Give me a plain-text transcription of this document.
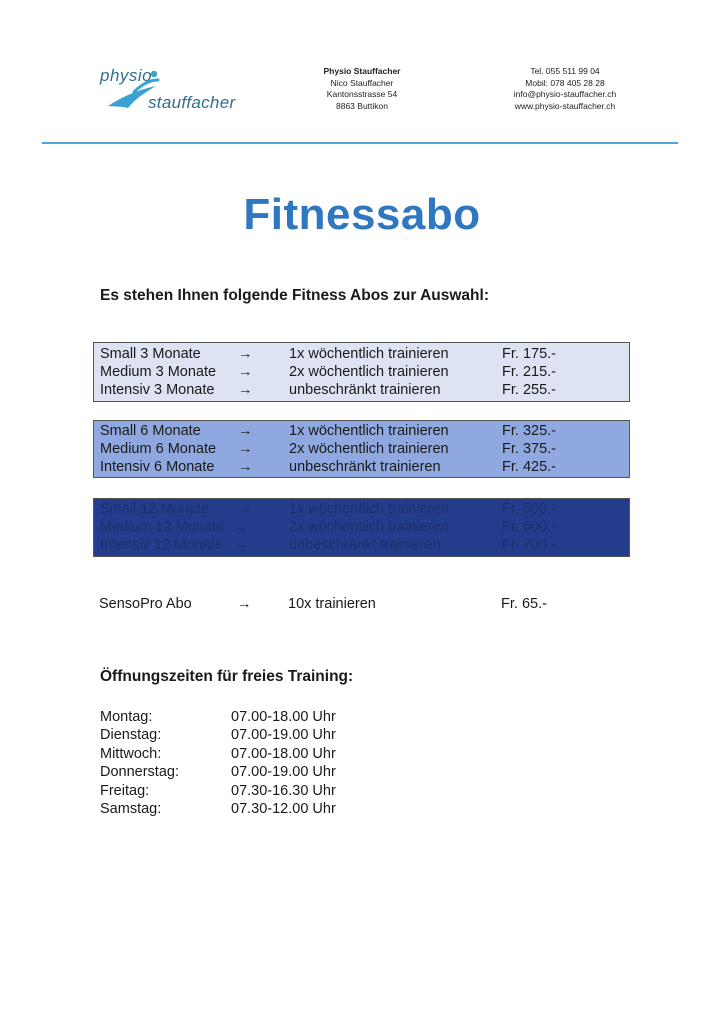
physio
stauffacher
Physio Stauffacher
Nico Stauffacher
Kantonsstrasse 54
8863 Buttikon
Tel. 055 511 99 04
Mobil: 078 405 28 28
info@physio-stauffacher.ch
www.physio-stauffacher.ch
Fitnessabo
Es stehen Ihnen folgende Fitness Abos zur Auswahl:
Small 3 Monate	→	1x wöchentlich trainieren	Fr. 175.-
Medium 3 Monate →	2x wöchentlich trainieren	Fr. 215.-
Intensiv 3 Monate →	unbeschränkt trainieren	Fr. 255.-
Small 6 Monate	→	1x wöchentlich trainieren	Fr. 325.-
Medium 6 Monate →	2x wöchentlich trainieren	Fr. 375.-
Intensiv 6 Monate →	unbeschränkt trainieren	Fr. 425.-
Small 12 Monate →	1x wöchentlich trainieren	Fr. 500.-
Medium 12 Monate →	2x wöchentlich trainieren	Fr. 600.-
Intensiv 12 Monate →	unbeschränkt trainieren	Fr. 700.-
SensoPro Abo	→	10x trainieren	Fr. 65.-
Öffnungszeiten für freies Training:
Montag:	07.00-18.00 Uhr
Dienstag:	07.00-19.00 Uhr
Mittwoch:	07.00-18.00 Uhr
Donnerstag:	07.00-19.00 Uhr
Freitag:	07.30-16.30 Uhr
Samstag:	07.30-12.00 Uhr
